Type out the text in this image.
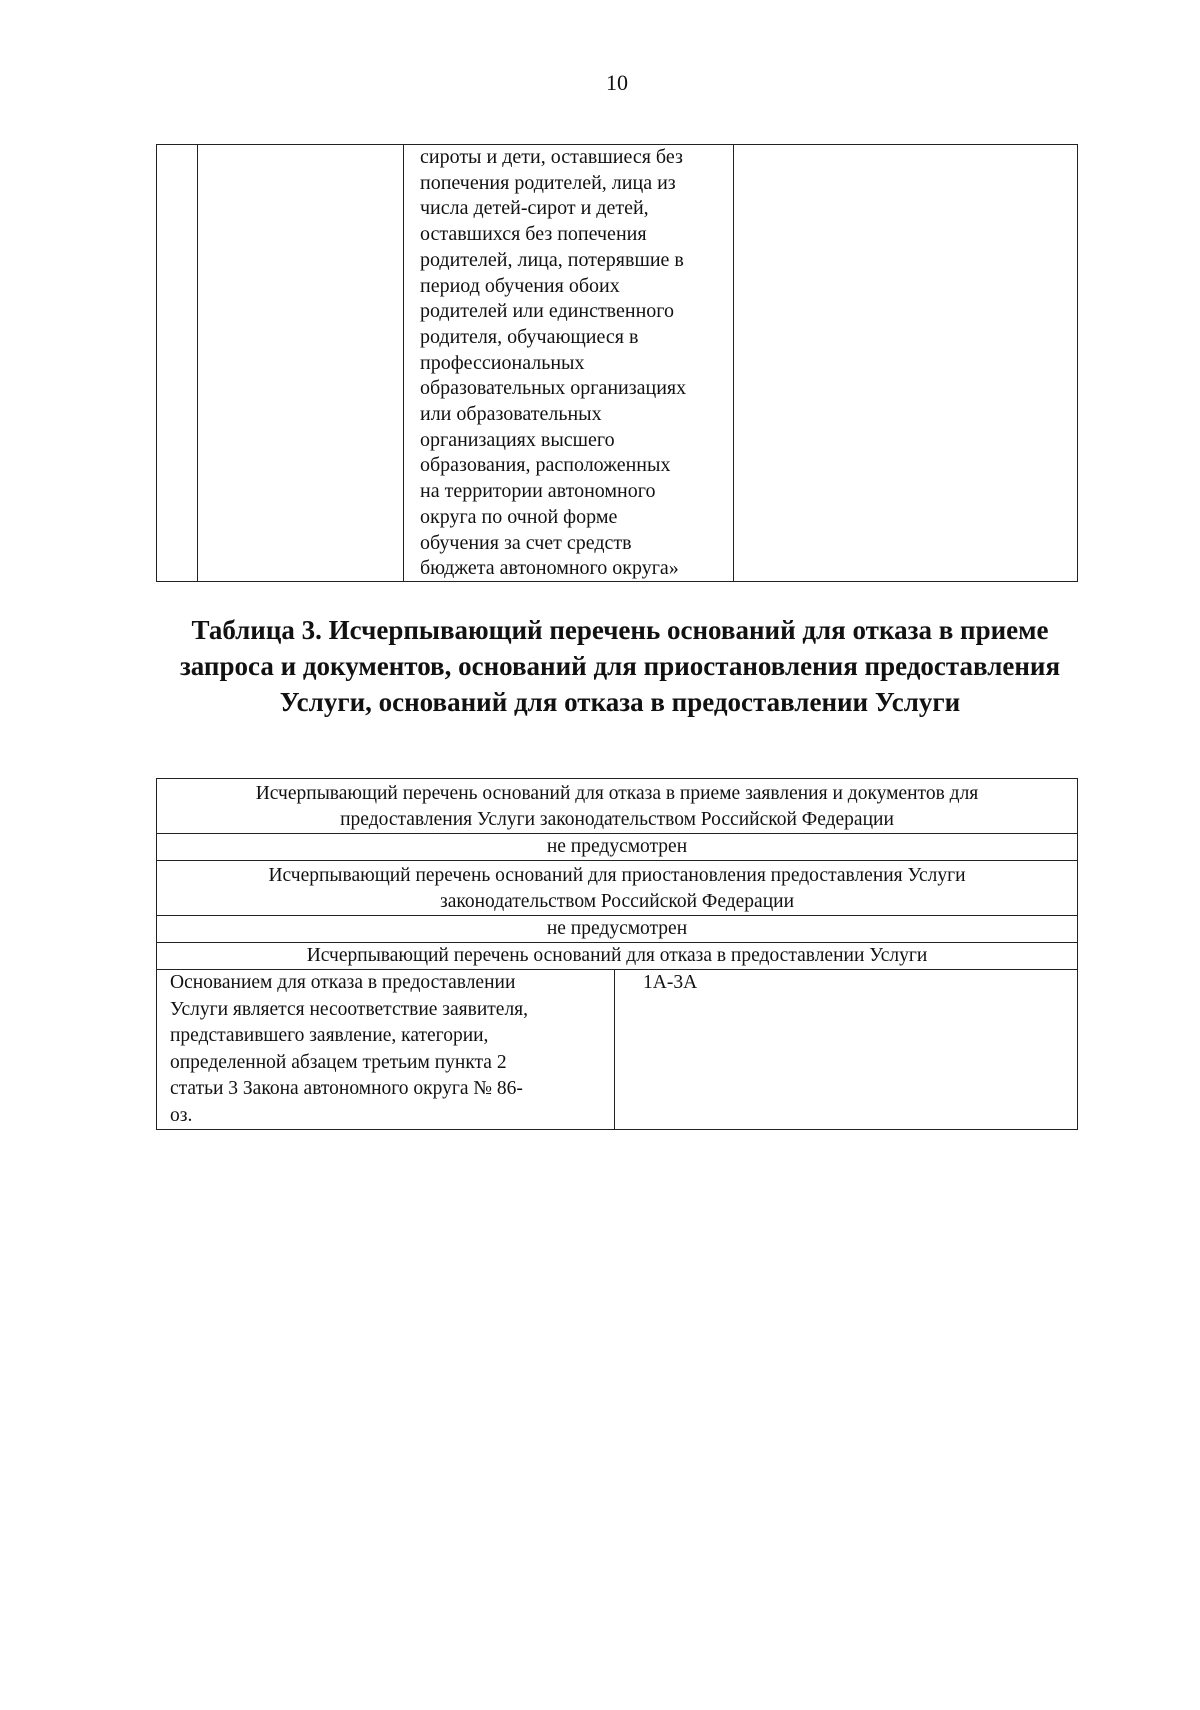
10
сироты и дети, оставшиеся без
попечения родителей, лица из
числа детей-сирот и детей,
оставшихся без попечения
родителей, лица, потерявшие в
период обучения обоих
родителей или единственного
родителя, обучающиеся в
профессиональных
образовательных организациях
или образовательных
организациях высшего
образования, расположенных
на территории автономного
округа по очной форме
обучения за счет средств
бюджета автономного округа»
Таблица 3. Исчерпывающий перечень оснований для отказа в приеме запроса и документов, оснований для приостановления предоставления Услуги, оснований для отказа в предоставлении Услуги
Исчерпывающий перечень оснований для отказа в приеме заявления и документов для предоставления Услуги законодательством Российской Федерации
не предусмотрен
Исчерпывающий перечень оснований для приостановления предоставления Услуги законодательством Российской Федерации
не предусмотрен
Исчерпывающий перечень оснований для отказа в предоставлении Услуги
Основанием для отказа в предоставлении
Услуги является несоответствие заявителя,
представившего заявление, категории,
определенной абзацем третьим пункта 2
статьи 3 Закона автономного округа № 86-
оз.
1А-3А
